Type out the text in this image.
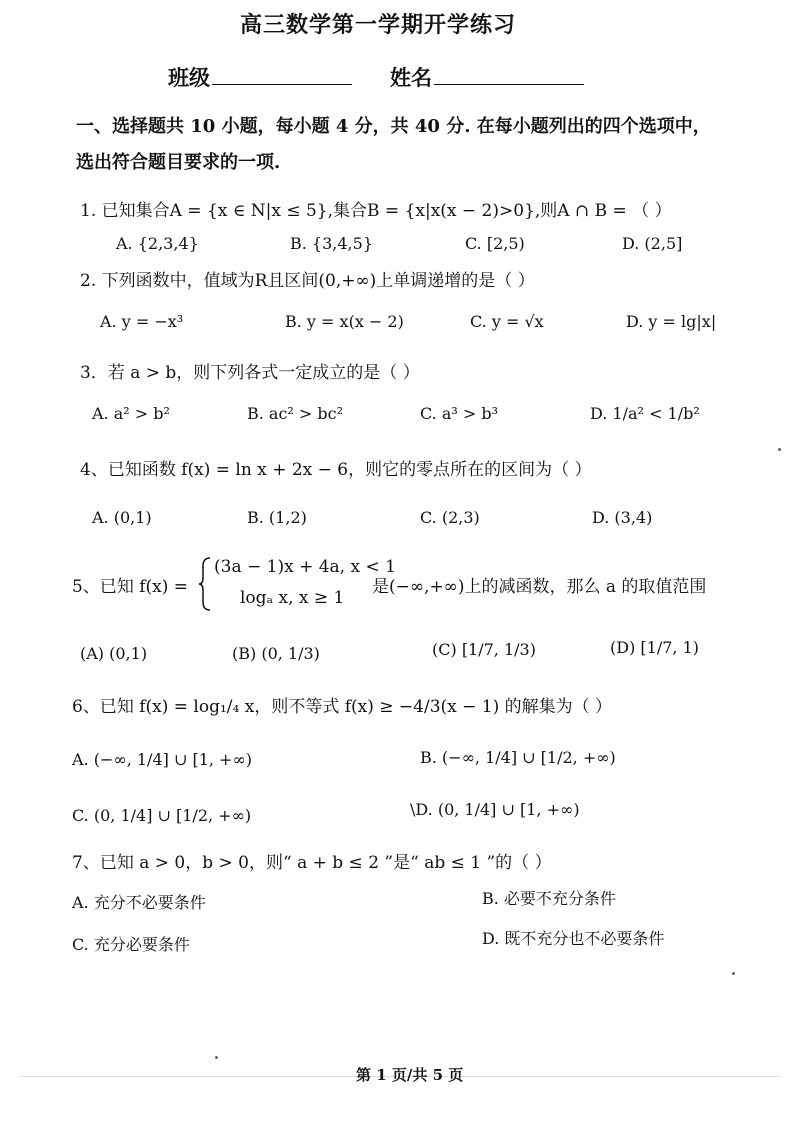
高三数学第一学期开学练习
班级	姓名
一、选择题共 10 小题，每小题 4 分，共 40 分. 在每小题列出的四个选项中，
选出符合题目要求的一项.
1. 已知集合A = {x ∈ N|x ≤ 5},集合B = {x|x(x − 2)>0},则A ∩ B = （ ）
A. {2,3,4}	B. {3,4,5}	C. [2,5)	D. (2,5]
2. 下列函数中，值域为R且区间(0,+∞)上单调递增的是（ ）
A. y = −x³	B. y = x(x − 2)	C. y = √x	D. y = lg|x|
3．若 a > b，则下列各式一定成立的是（ ）
A. a² > b²	B. ac² > bc²	C. a³ > b³	D. 1/a² < 1/b²
4、已知函数 f(x) = ln x + 2x − 6，则它的零点所在的区间为（ ）
A. (0,1)	B. (1,2)	C. (2,3)	D. (3,4)
5、已知 f(x) =
(3a − 1)x + 4a, x < 1
logₐ x, x ≥ 1
是(−∞,+∞)上的减函数，那么 a 的取值范围
(A) (0,1)	(B) (0, 1/3)	(C) [1/7, 1/3)	(D) [1/7, 1)
6、已知 f(x) = log₁/₄ x，则不等式 f(x) ≥ −4/3(x − 1) 的解集为（ ）
A. (−∞, 1/4] ∪ [1, +∞)	B. (−∞, 1/4] ∪ [1/2, +∞)
C. (0, 1/4] ∪ [1/2, +∞)	\D. (0, 1/4] ∪ [1, +∞)
7、已知 a > 0，b > 0，则“ a + b ≤ 2 ”是“ ab ≤ 1 ”的（ ）
A. 充分不必要条件	B. 必要不充分条件
C. 充分必要条件	D. 既不充分也不必要条件
第 1 页/共 5 页
